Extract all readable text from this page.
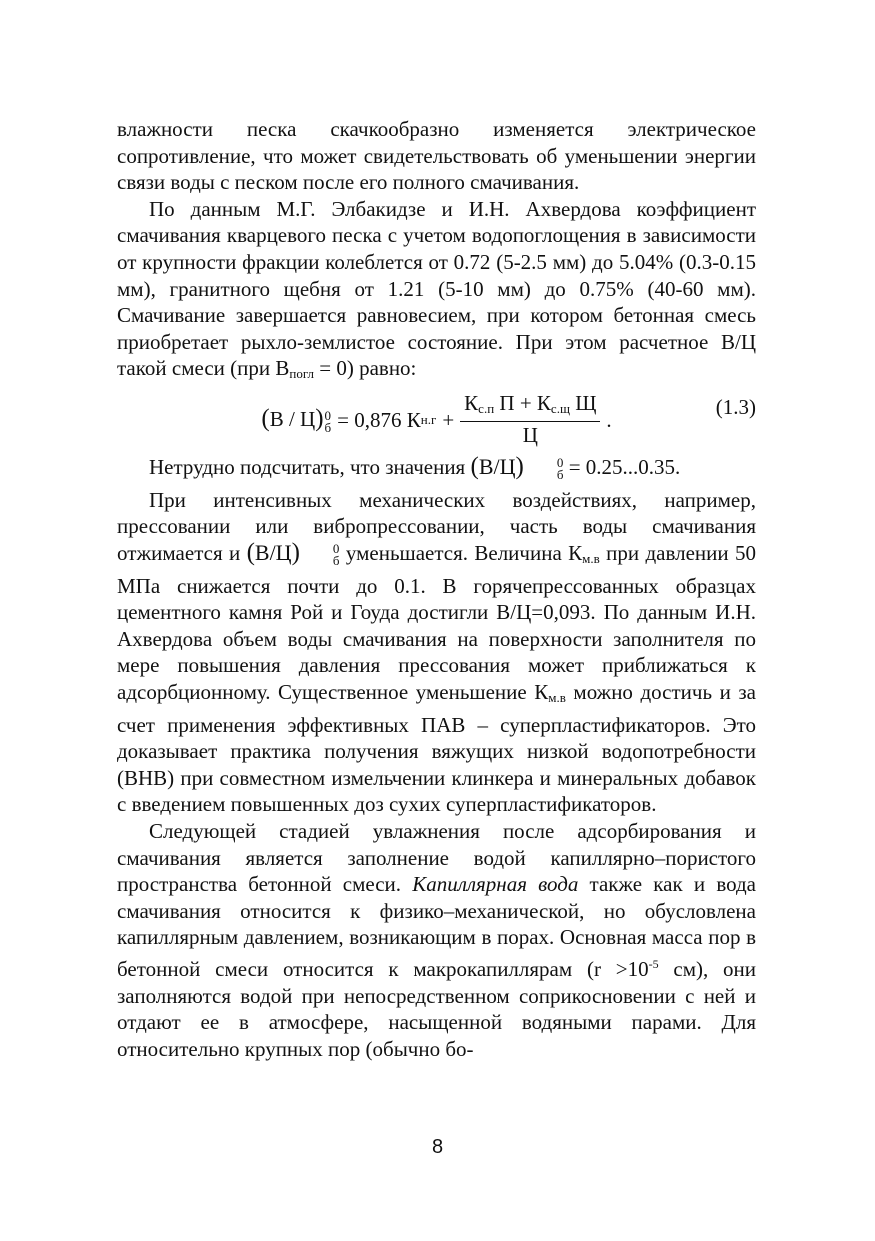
влажности песка скачкообразно изменяется электрическое сопротивление, что может свидетельствовать об уменьшении энергии связи воды с песком после его полного смачивания.

По данным М.Г. Элбакидзе и И.Н. Ахвердова коэффициент смачивания кварцевого песка с учетом водопоглощения в зависимости от крупности фракции колеблется от 0.72 (5-2.5 мм) до 5.04% (0.3-0.15 мм), гранитного щебня от 1.21 (5-10 мм) до 0.75% (40-60 мм). Смачивание завершается равновесием, при котором бетонная смесь приобретает рыхло-землистое состояние. При этом расчетное В/Ц такой смеси (при $В_{погл} = 0$) равно:

(В / Ц) 0
б = 0,876 К $н.г + \frac{К_{с.п} П + К_{с.щ} Щ}{Ц}$ .
(1.3)

Нетрудно подсчитать, что значения (В/Ц)	0
б = 0.25...0.35.

При интенсивных механических воздействиях, например, прессовании или вибропрессовании, часть воды смачивания отжимается и (В/Ц)	0
б уменьшается. Величина $К_{м.в}$ при давлении 50 МПа снижается почти до 0.1. В горячепрессованных образцах цементного камня Рой и Гоуда достигли В/Ц=0,093. По данным И.Н. Ахвердова объем воды смачивания на поверхности заполнителя по мере повышения давления прессования может приближаться к адсорбционному. Существенное уменьшение $К_{м.в}$ можно достичь и за счет применения эффективных ПАВ – суперпластификаторов. Это доказывает практика получения вяжущих низкой водопотребности (ВНВ) при совместном измельчении клинкера и минеральных добавок с введением повышенных доз сухих суперпластификаторов.

Следующей стадией увлажнения после адсорбирования и смачивания является заполнение водой капиллярно–пористого пространства бетонной смеси. Капиллярная вода также как и вода смачивания относится к физико–механической, но обусловлена капиллярным давлением, возникающим в порах. Основная масса пор в бетонной смеси относится к макрокапиллярам ($r >10^{-5}$ см), они заполняются водой при непосредственном соприкосновении с ней и отдают ее в атмосфере, насыщенной водяными парами. Для относительно крупных пор (обычно бо-

8
